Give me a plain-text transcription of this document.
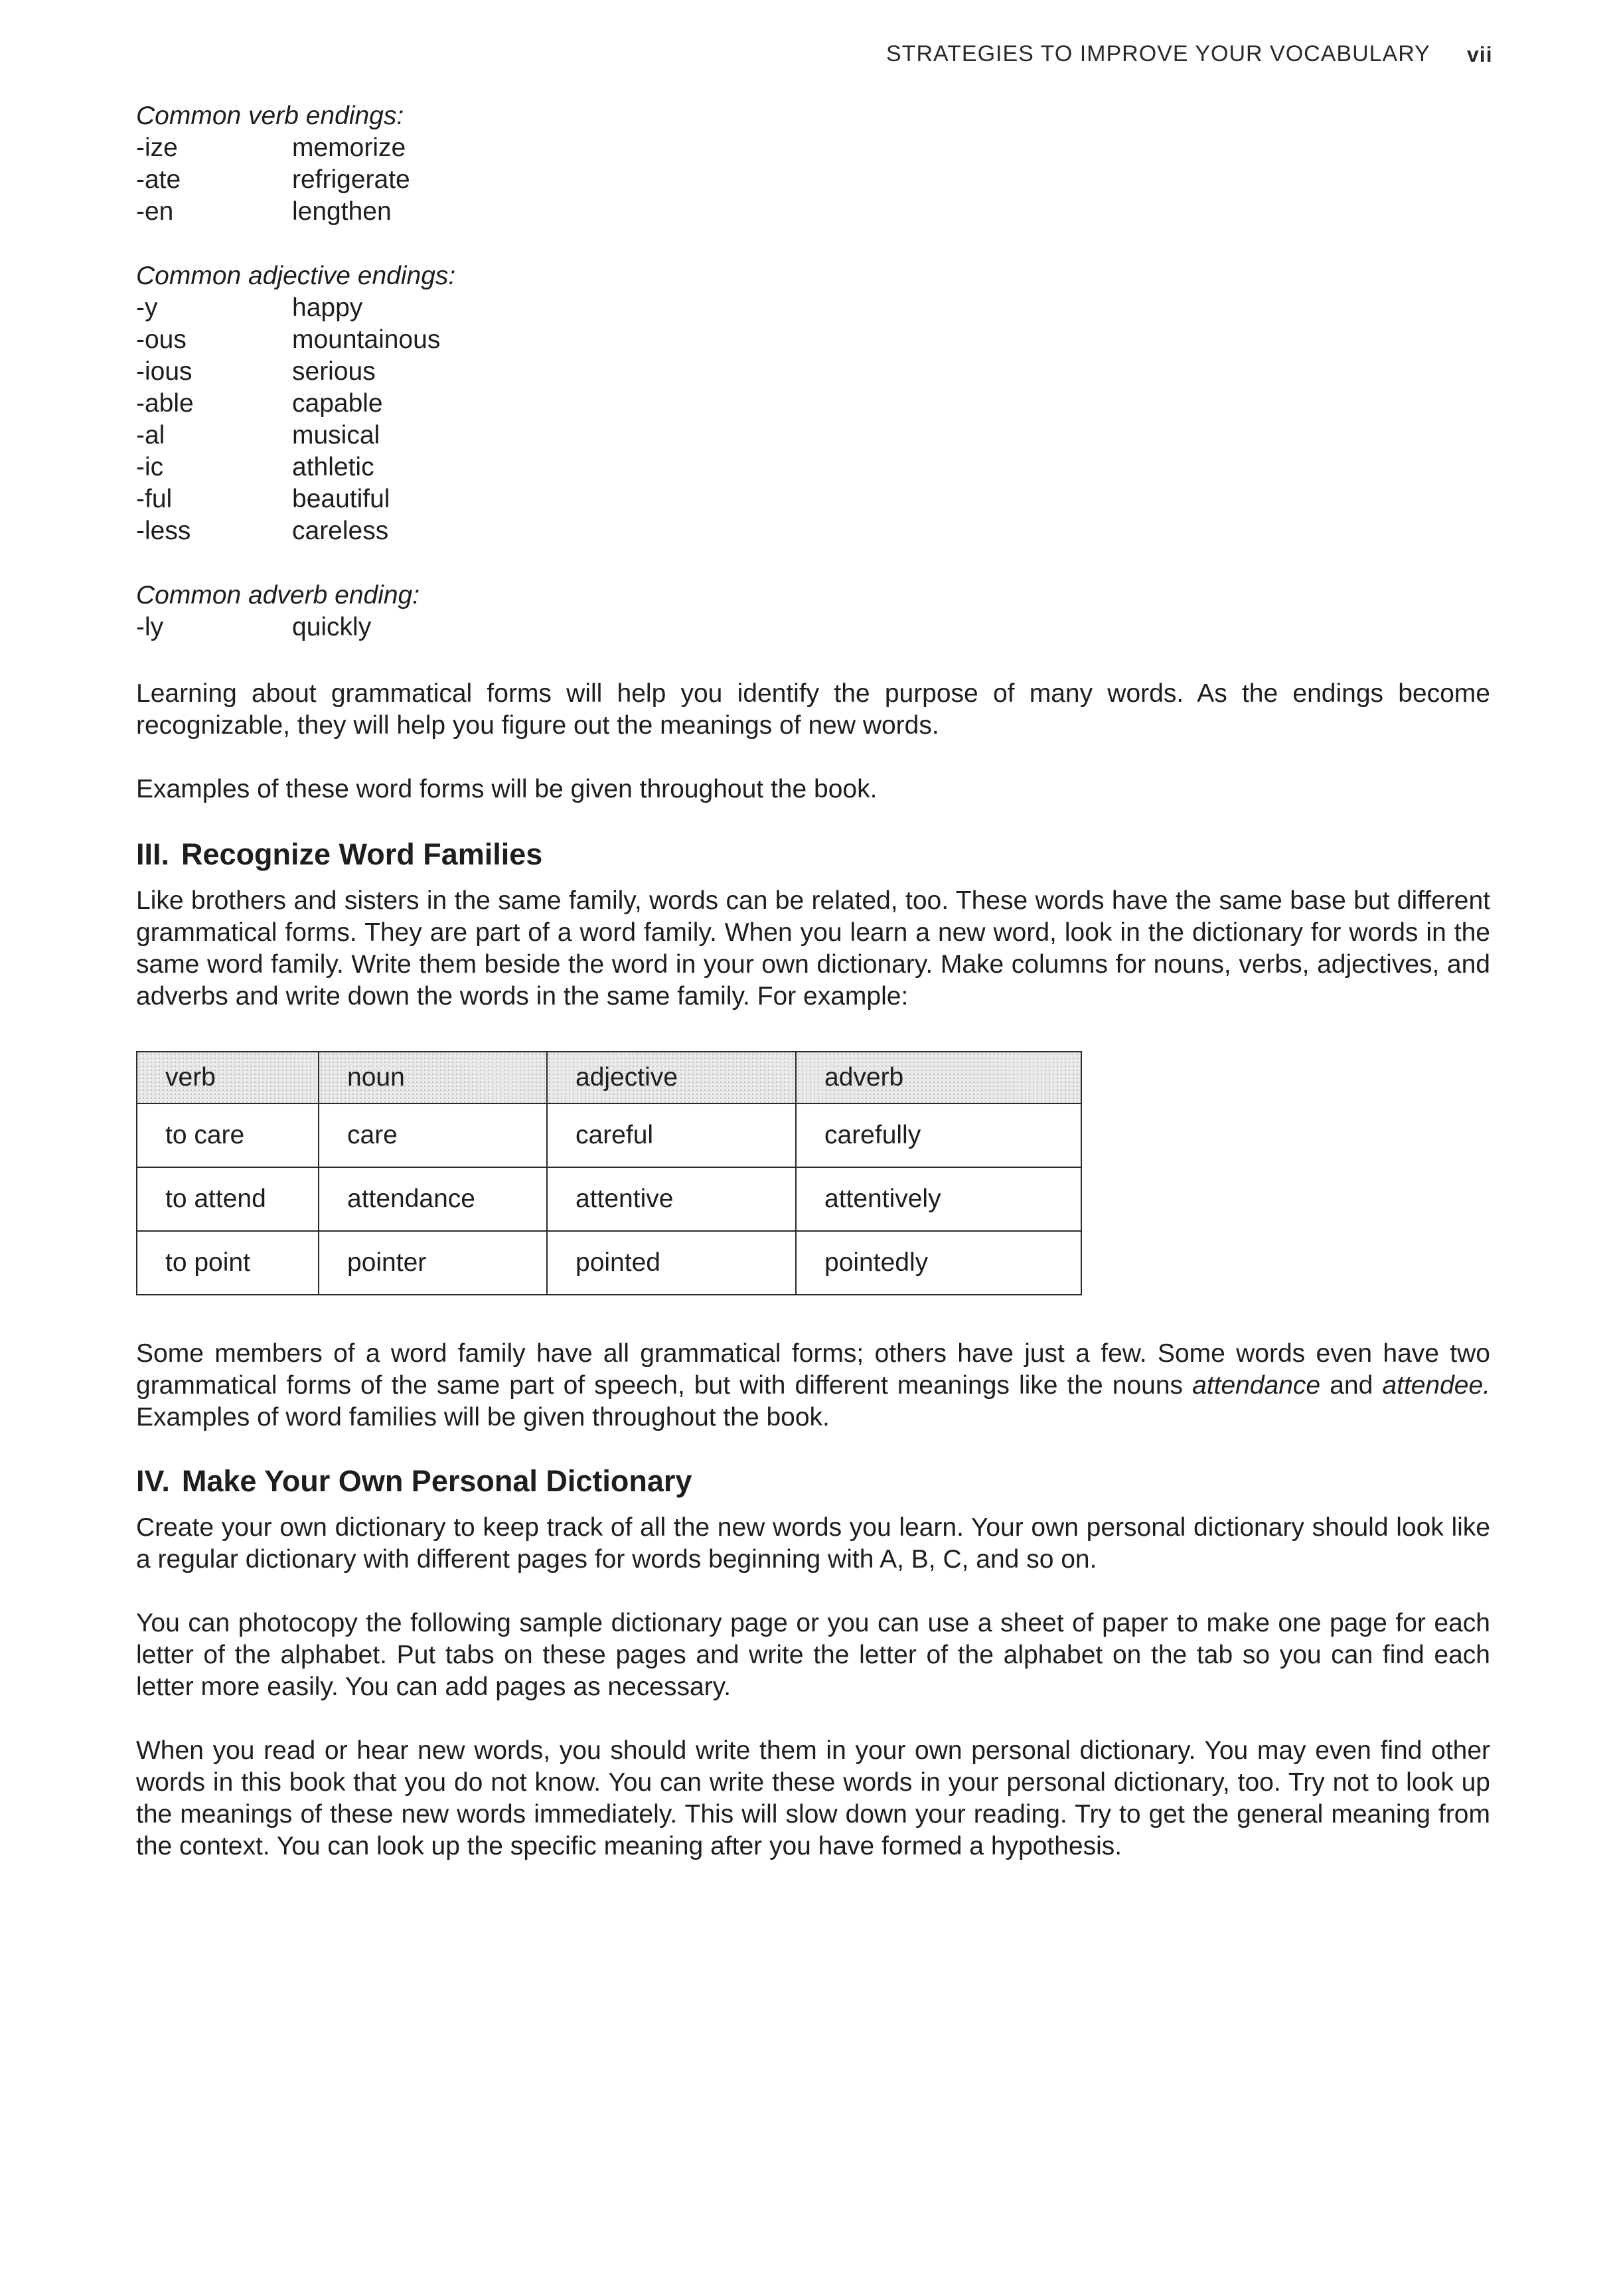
STRATEGIES TO IMPROVE YOUR VOCABULARY vii

Common verb endings:

-ize	memorize
-ate	refrigerate
-en	lengthen

Common adjective endings:

-y	happy
-ous	mountainous
-ious	serious
-able	capable
-al	musical
-ic	athletic
-ful	beautiful
-less	careless

Common adverb ending:

-ly	quickly

Learning about grammatical forms will help you identify the purpose of many words. As the endings become recognizable, they will help you figure out the meanings of new words.

Examples of these word forms will be given throughout the book.

III. Recognize Word Families

Like brothers and sisters in the same family, words can be related, too. These words have the same base but different grammatical forms. They are part of a word family. When you learn a new word, look in the dictionary for words in the same word family. Write them beside the word in your own dictionary. Make columns for nouns, verbs, adjectives, and adverbs and write down the words in the same family. For example:

verb	noun	adjective	adverb
to care	care	careful	carefully
to attend	attendance	attentive	attentively
to point	pointer	pointed	pointedly

Some members of a word family have all grammatical forms; others have just a few. Some words even have two grammatical forms of the same part of speech, but with different meanings like the nouns attendance and attendee. Examples of word families will be given throughout the book.

IV. Make Your Own Personal Dictionary

Create your own dictionary to keep track of all the new words you learn. Your own personal dictionary should look like a regular dictionary with different pages for words beginning with A, B, C, and so on.

You can photocopy the following sample dictionary page or you can use a sheet of paper to make one page for each letter of the alphabet. Put tabs on these pages and write the letter of the alphabet on the tab so you can find each letter more easily. You can add pages as necessary.

When you read or hear new words, you should write them in your own personal dictionary. You may even find other words in this book that you do not know. You can write these words in your personal dictionary, too. Try not to look up the meanings of these new words immediately. This will slow down your reading. Try to get the general meaning from the context. You can look up the specific meaning after you have formed a hypothesis.
